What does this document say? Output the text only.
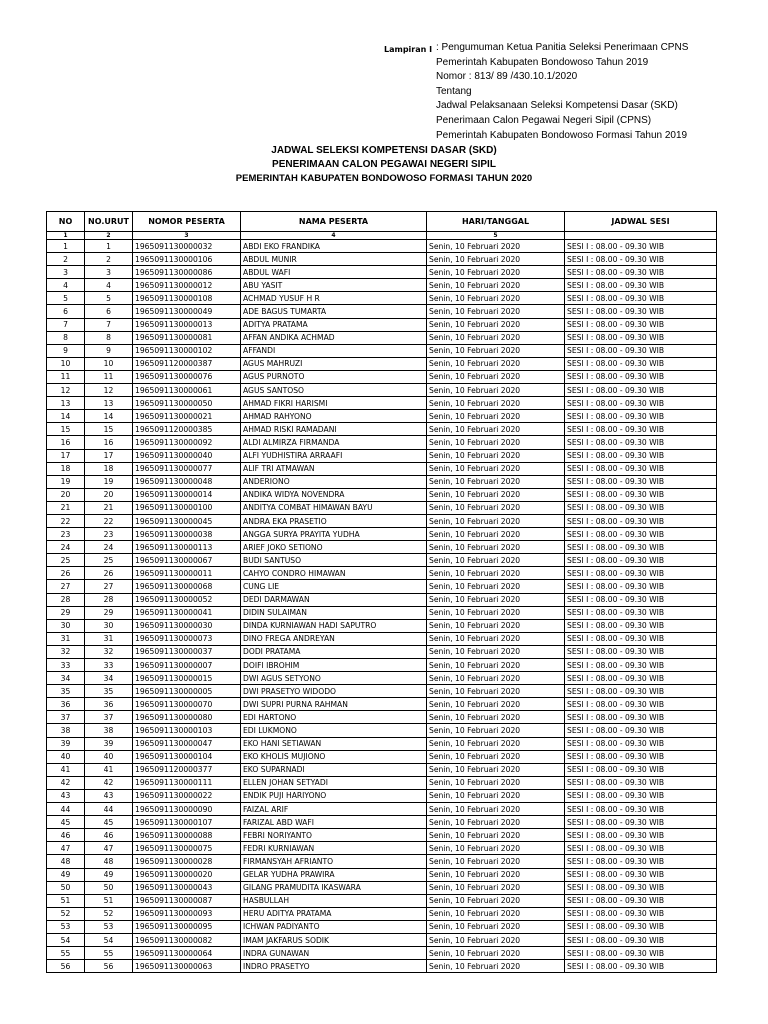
Lampiran I : Pengumuman Ketua Panitia Seleksi Penerimaan CPNS
Pemerintah Kabupaten Bondowoso Tahun 2019
Nomor : 813/ 89 /430.10.1/2020
Tentang
Jadwal Pelaksanaan Seleksi Kompetensi Dasar (SKD)
Penerimaan Calon Pegawai Negeri Sipil (CPNS)
Pemerintah Kabupaten Bondowoso Formasi Tahun 2019
JADWAL SELEKSI KOMPETENSI DASAR (SKD)
PENERIMAAN CALON PEGAWAI NEGERI SIPIL
PEMERINTAH KABUPATEN BONDOWOSO FORMASI TAHUN 2020
NO	NO.URUT	NOMOR PESERTA	NAMA PESERTA	HARI/TANGGAL	JADWAL SESI
1	2	3	4	5	
1	1	1965091130000032	ABDI EKO FRANDIKA	Senin, 10 Februari 2020	SESI I : 08.00 - 09.30 WIB
2	2	1965091130000106	ABDUL MUNIR	Senin, 10 Februari 2020	SESI I : 08.00 - 09.30 WIB
3	3	1965091130000086	ABDUL WAFI	Senin, 10 Februari 2020	SESI I : 08.00 - 09.30 WIB
4	4	1965091130000012	ABU YASIT	Senin, 10 Februari 2020	SESI I : 08.00 - 09.30 WIB
5	5	1965091130000108	ACHMAD YUSUF H R	Senin, 10 Februari 2020	SESI I : 08.00 - 09.30 WIB
6	6	1965091130000049	ADE BAGUS TUMARTA	Senin, 10 Februari 2020	SESI I : 08.00 - 09.30 WIB
7	7	1965091130000013	ADITYA PRATAMA	Senin, 10 Februari 2020	SESI I : 08.00 - 09.30 WIB
8	8	1965091130000081	AFFAN ANDIKA ACHMAD	Senin, 10 Februari 2020	SESI I : 08.00 - 09.30 WIB
9	9	1965091130000102	AFFANDI	Senin, 10 Februari 2020	SESI I : 08.00 - 09.30 WIB
10	10	1965091120000387	AGUS MAHRUZI	Senin, 10 Februari 2020	SESI I : 08.00 - 09.30 WIB
11	11	1965091130000076	AGUS PURNOTO	Senin, 10 Februari 2020	SESI I : 08.00 - 09.30 WIB
12	12	1965091130000061	AGUS SANTOSO	Senin, 10 Februari 2020	SESI I : 08.00 - 09.30 WIB
13	13	1965091130000050	AHMAD FIKRI HARISMI	Senin, 10 Februari 2020	SESI I : 08.00 - 09.30 WIB
14	14	1965091130000021	AHMAD RAHYONO	Senin, 10 Februari 2020	SESI I : 08.00 - 09.30 WIB
15	15	1965091120000385	AHMAD RISKI RAMADANI	Senin, 10 Februari 2020	SESI I : 08.00 - 09.30 WIB
16	16	1965091130000092	ALDI ALMIRZA FIRMANDA	Senin, 10 Februari 2020	SESI I : 08.00 - 09.30 WIB
17	17	1965091130000040	ALFI YUDHISTIRA ARRAAFI	Senin, 10 Februari 2020	SESI I : 08.00 - 09.30 WIB
18	18	1965091130000077	ALIF TRI ATMAWAN	Senin, 10 Februari 2020	SESI I : 08.00 - 09.30 WIB
19	19	1965091130000048	ANDERIONO	Senin, 10 Februari 2020	SESI I : 08.00 - 09.30 WIB
20	20	1965091130000014	ANDIKA WIDYA NOVENDRA	Senin, 10 Februari 2020	SESI I : 08.00 - 09.30 WIB
21	21	1965091130000100	ANDITYA COMBAT HIMAWAN BAYU	Senin, 10 Februari 2020	SESI I : 08.00 - 09.30 WIB
22	22	1965091130000045	ANDRA EKA PRASETIO	Senin, 10 Februari 2020	SESI I : 08.00 - 09.30 WIB
23	23	1965091130000038	ANGGA SURYA PRAYITA YUDHA	Senin, 10 Februari 2020	SESI I : 08.00 - 09.30 WIB
24	24	1965091130000113	ARIEF JOKO SETIONO	Senin, 10 Februari 2020	SESI I : 08.00 - 09.30 WIB
25	25	1965091130000067	BUDI SANTUSO	Senin, 10 Februari 2020	SESI I : 08.00 - 09.30 WIB
26	26	1965091130000011	CAHYO CONDRO HIMAWAN	Senin, 10 Februari 2020	SESI I : 08.00 - 09.30 WIB
27	27	1965091130000068	CUNG LIE	Senin, 10 Februari 2020	SESI I : 08.00 - 09.30 WIB
28	28	1965091130000052	DEDI DARMAWAN	Senin, 10 Februari 2020	SESI I : 08.00 - 09.30 WIB
29	29	1965091130000041	DIDIN SULAIMAN	Senin, 10 Februari 2020	SESI I : 08.00 - 09.30 WIB
30	30	1965091130000030	DINDA KURNIAWAN HADI SAPUTRO	Senin, 10 Februari 2020	SESI I : 08.00 - 09.30 WIB
31	31	1965091130000073	DINO FREGA ANDREYAN	Senin, 10 Februari 2020	SESI I : 08.00 - 09.30 WIB
32	32	1965091130000037	DODI PRATAMA	Senin, 10 Februari 2020	SESI I : 08.00 - 09.30 WIB
33	33	1965091130000007	DOIFI IBROHIM	Senin, 10 Februari 2020	SESI I : 08.00 - 09.30 WIB
34	34	1965091130000015	DWI AGUS SETYONO	Senin, 10 Februari 2020	SESI I : 08.00 - 09.30 WIB
35	35	1965091130000005	DWI PRASETYO WIDODO	Senin, 10 Februari 2020	SESI I : 08.00 - 09.30 WIB
36	36	1965091130000070	DWI SUPRI PURNA RAHMAN	Senin, 10 Februari 2020	SESI I : 08.00 - 09.30 WIB
37	37	1965091130000080	EDI HARTONO	Senin, 10 Februari 2020	SESI I : 08.00 - 09.30 WIB
38	38	1965091130000103	EDI LUKMONO	Senin, 10 Februari 2020	SESI I : 08.00 - 09.30 WIB
39	39	1965091130000047	EKO HANI SETIAWAN	Senin, 10 Februari 2020	SESI I : 08.00 - 09.30 WIB
40	40	1965091130000104	EKO KHOLIS MUJIONO	Senin, 10 Februari 2020	SESI I : 08.00 - 09.30 WIB
41	41	1965091120000377	EKO SUPARNADI	Senin, 10 Februari 2020	SESI I : 08.00 - 09.30 WIB
42	42	1965091130000111	ELLEN JOHAN SETYADI	Senin, 10 Februari 2020	SESI I : 08.00 - 09.30 WIB
43	43	1965091130000022	ENDIK PUJI HARIYONO	Senin, 10 Februari 2020	SESI I : 08.00 - 09.30 WIB
44	44	1965091130000090	FAIZAL ARIF	Senin, 10 Februari 2020	SESI I : 08.00 - 09.30 WIB
45	45	1965091130000107	FARIZAL ABD WAFI	Senin, 10 Februari 2020	SESI I : 08.00 - 09.30 WIB
46	46	1965091130000088	FEBRI NORIYANTO	Senin, 10 Februari 2020	SESI I : 08.00 - 09.30 WIB
47	47	1965091130000075	FEDRI KURNIAWAN	Senin, 10 Februari 2020	SESI I : 08.00 - 09.30 WIB
48	48	1965091130000028	FIRMANSYAH AFRIANTO	Senin, 10 Februari 2020	SESI I : 08.00 - 09.30 WIB
49	49	1965091130000020	GELAR YUDHA PRAWIRA	Senin, 10 Februari 2020	SESI I : 08.00 - 09.30 WIB
50	50	1965091130000043	GILANG PRAMUDITA IKASWARA	Senin, 10 Februari 2020	SESI I : 08.00 - 09.30 WIB
51	51	1965091130000087	HASBULLAH	Senin, 10 Februari 2020	SESI I : 08.00 - 09.30 WIB
52	52	1965091130000093	HERU ADITYA PRATAMA	Senin, 10 Februari 2020	SESI I : 08.00 - 09.30 WIB
53	53	1965091130000095	ICHWAN PADIYANTO	Senin, 10 Februari 2020	SESI I : 08.00 - 09.30 WIB
54	54	1965091130000082	IMAM JAKFARUS SODIK	Senin, 10 Februari 2020	SESI I : 08.00 - 09.30 WIB
55	55	1965091130000064	INDRA GUNAWAN	Senin, 10 Februari 2020	SESI I : 08.00 - 09.30 WIB
56	56	1965091130000063	INDRO PRASETYO	Senin, 10 Februari 2020	SESI I : 08.00 - 09.30 WIB
